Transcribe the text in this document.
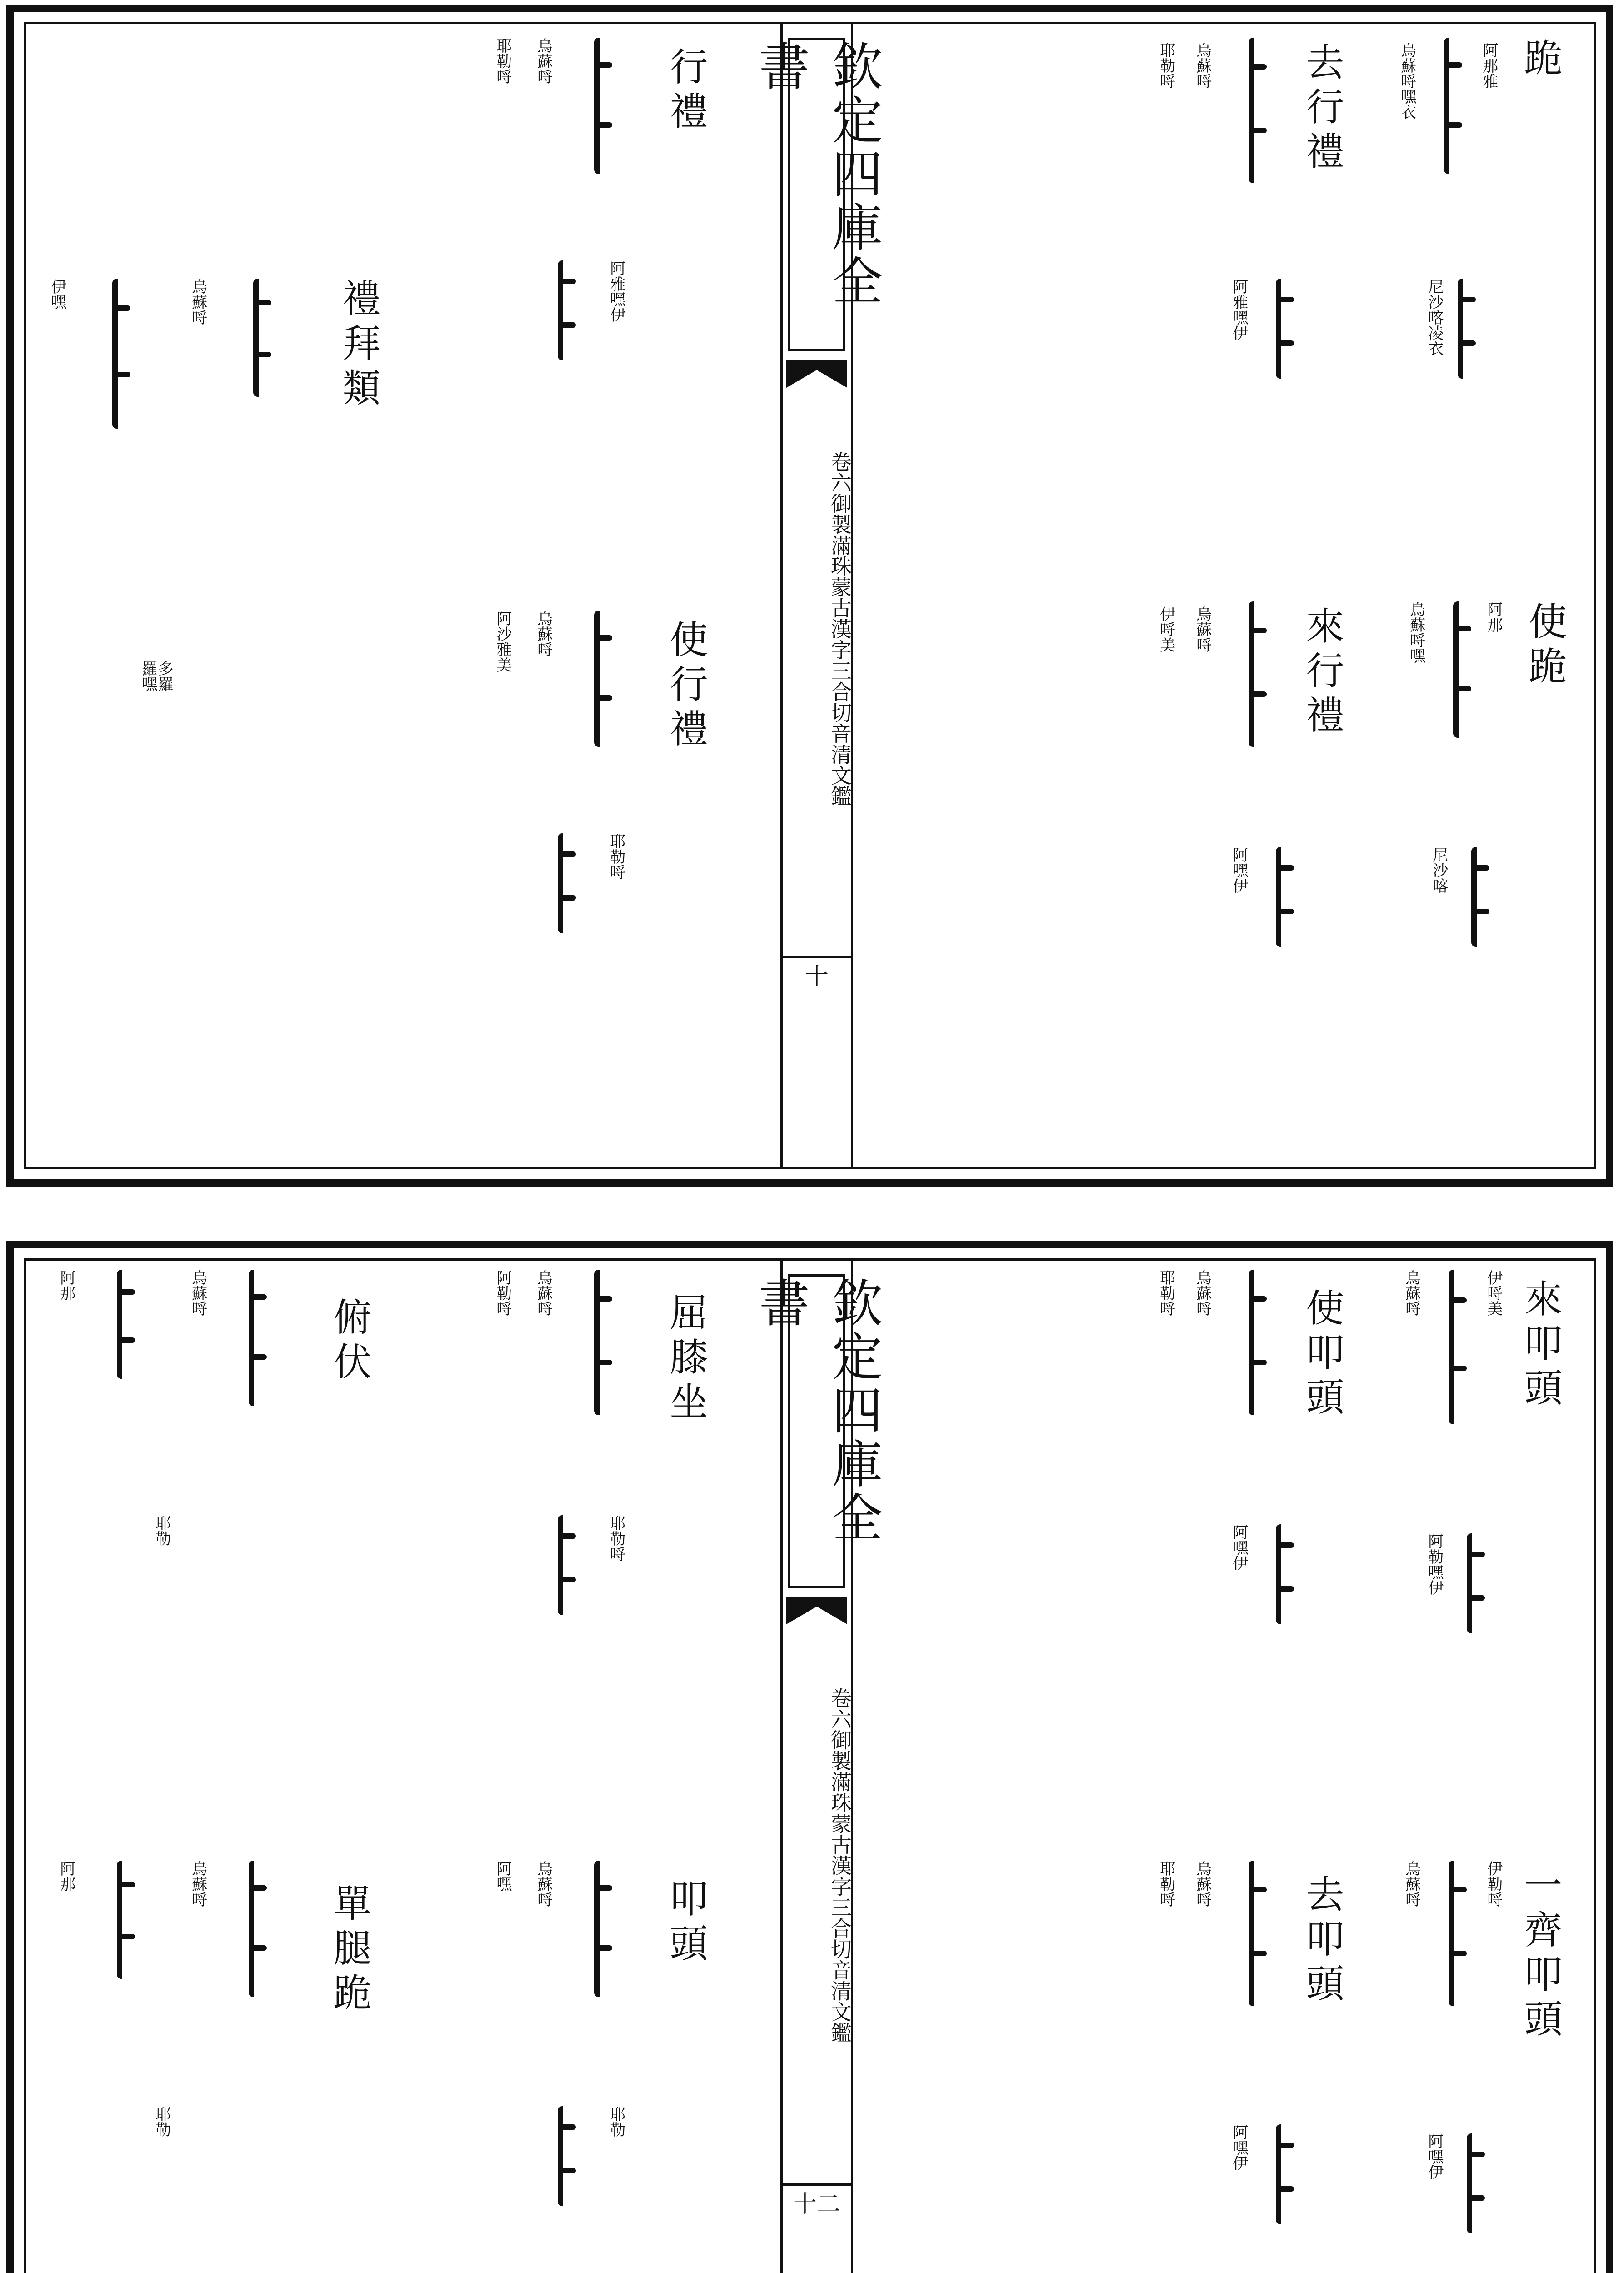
欽定四庫全書
卷六
御製滿珠蒙古漢字三合切音清文鑑
十
跪
烏蘇哷嘿衣	阿那雅
尼沙喀凌衣
去行禮
烏蘇哷
耶勒哷
阿雅嘿伊
使跪
烏蘇哷嘿	阿那
尼沙喀
來行禮
烏蘇哷
伊哷美
阿嘿伊
行禮
烏蘇哷
耶勒哷
阿雅嘿伊
禮拜類
烏蘇哷
伊嘿
多羅羅嘿	使行禮
烏蘇哷
阿沙雅美
耶勒哷
欽定四庫全書
卷六
御製滿珠蒙古漢字三合切音清文鑑
十二
來叩頭
烏蘇哷	伊哷美
阿勒嘿伊
使叩頭
烏蘇哷
耶勒哷
阿嘿伊
一齊叩頭
烏蘇哷	伊勒哷
阿嘿伊
去叩頭
烏蘇哷
耶勒哷
阿嘿伊
屈膝坐
烏蘇哷
阿勒哷
耶勒哷
俯伏
烏蘇哷
阿那
耶勒
叩頭
烏蘇哷
阿嘿
耶勒
單腿跪
烏蘇哷
阿那
耶勒
